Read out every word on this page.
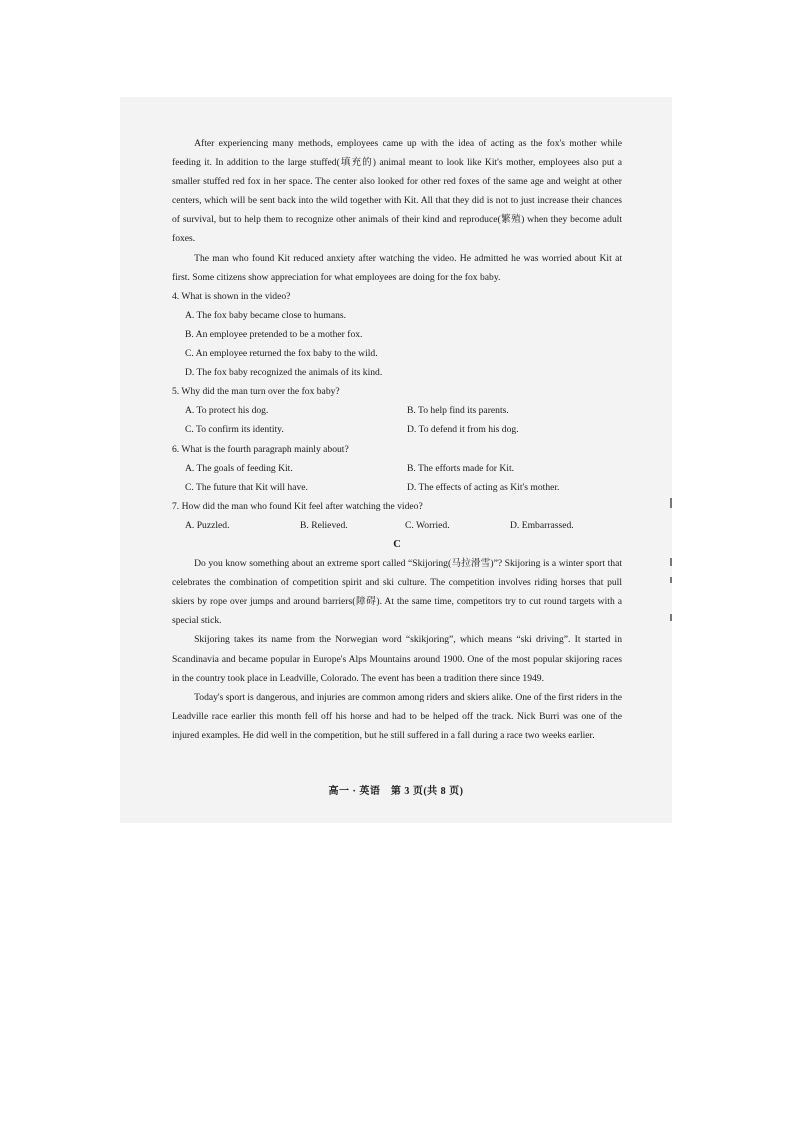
After experiencing many methods, employees came up with the idea of acting as the fox's mother while feeding it. In addition to the large stuffed(填充的) animal meant to look like Kit's mother, employees also put a smaller stuffed red fox in her space. The center also looked for other red foxes of the same age and weight at other centers, which will be sent back into the wild together with Kit. All that they did is not to just increase their chances of survival, but to help them to recognize other animals of their kind and reproduce(繁殖) when they become adult foxes.

The man who found Kit reduced anxiety after watching the video. He admitted he was worried about Kit at first. Some citizens show appreciation for what employees are doing for the fox baby.

4. What is shown in the video?

A. The fox baby became close to humans.

B. An employee pretended to be a mother fox.

C. An employee returned the fox baby to the wild.

D. The fox baby recognized the animals of its kind.

5. Why did the man turn over the fox baby?

A. To protect his dog.	B. To help find its parents.
C. To confirm its identity.	D. To defend it from his dog.

6. What is the fourth paragraph mainly about?

A. The goals of feeding Kit.	B. The efforts made for Kit.
C. The future that Kit will have.	D. The effects of acting as Kit's mother.

7. How did the man who found Kit feel after watching the video?

A. Puzzled.	B. Relieved.	C. Worried.	D. Embarrassed.

C

Do you know something about an extreme sport called “Skijoring(马拉滑雪)”? Skijoring is a winter sport that celebrates the combination of competition spirit and ski culture. The competition involves riding horses that pull skiers by rope over jumps and around barriers(障碍). At the same time, competitors try to cut round targets with a special stick.

Skijoring takes its name from the Norwegian word “skikjoring”, which means “ski driving”. It started in Scandinavia and became popular in Europe's Alps Mountains around 1900. One of the most popular skijoring races in the country took place in Leadville, Colorado. The event has been a tradition there since 1949.

Today's sport is dangerous, and injuries are common among riders and skiers alike. One of the first riders in the Leadville race earlier this month fell off his horse and had to be helped off the track. Nick Burri was one of the injured examples. He did well in the competition, but he still suffered in a fall during a race two weeks earlier.

高一 · 英语　第 3 页(共 8 页)
